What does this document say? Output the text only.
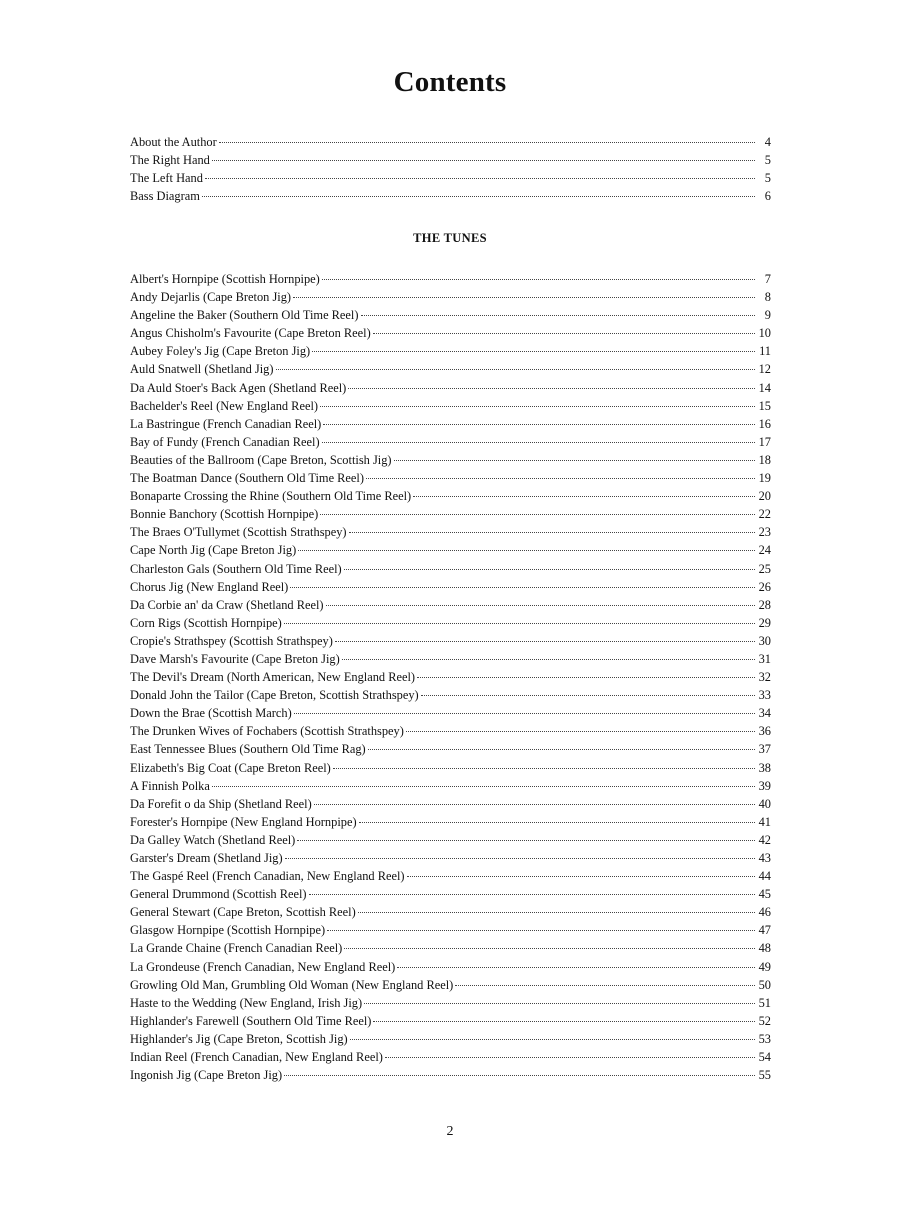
Contents
About the Author	4
The Right Hand	5
The Left Hand	5
Bass Diagram	6
THE TUNES
Albert's Hornpipe (Scottish Hornpipe)	7
Andy Dejarlis (Cape Breton Jig)	8
Angeline the Baker (Southern Old Time Reel)	9
Angus Chisholm's Favourite (Cape Breton Reel)	10
Aubey Foley's Jig (Cape Breton Jig)	11
Auld Snatwell (Shetland Jig)	12
Da Auld Stoer's Back Agen (Shetland Reel)	14
Bachelder's Reel (New England Reel)	15
La Bastringue (French Canadian Reel)	16
Bay of Fundy (French Canadian Reel)	17
Beauties of the Ballroom (Cape Breton, Scottish Jig)	18
The Boatman Dance (Southern Old Time Reel)	19
Bonaparte Crossing the Rhine (Southern Old Time Reel)	20
Bonnie Banchory (Scottish Hornpipe)	22
The Braes O'Tullymet (Scottish Strathspey)	23
Cape North Jig (Cape Breton Jig)	24
Charleston Gals (Southern Old Time Reel)	25
Chorus Jig (New England Reel)	26
Da Corbie an' da Craw (Shetland Reel)	28
Corn Rigs (Scottish Hornpipe)	29
Cropie's Strathspey (Scottish Strathspey)	30
Dave Marsh's Favourite (Cape Breton Jig)	31
The Devil's Dream (North American, New England Reel)	32
Donald John the Tailor (Cape Breton, Scottish Strathspey)	33
Down the Brae (Scottish March)	34
The Drunken Wives of Fochabers (Scottish Strathspey)	36
East Tennessee Blues (Southern Old Time Rag)	37
Elizabeth's Big Coat (Cape Breton Reel)	38
A Finnish Polka	39
Da Forefit o da Ship (Shetland Reel)	40
Forester's Hornpipe (New England Hornpipe)	41
Da Galley Watch (Shetland Reel)	42
Garster's Dream (Shetland Jig)	43
The Gaspé Reel (French Canadian, New England Reel)	44
General Drummond (Scottish Reel)	45
General Stewart (Cape Breton, Scottish Reel)	46
Glasgow Hornpipe (Scottish Hornpipe)	47
La Grande Chaine (French Canadian Reel)	48
La Grondeuse (French Canadian, New England Reel)	49
Growling Old Man, Grumbling Old Woman (New England Reel)	50
Haste to the Wedding (New England, Irish Jig)	51
Highlander's Farewell (Southern Old Time Reel)	52
Highlander's Jig (Cape Breton, Scottish Jig)	53
Indian Reel (French Canadian, New England Reel)	54
Ingonish Jig (Cape Breton Jig)	55
2
